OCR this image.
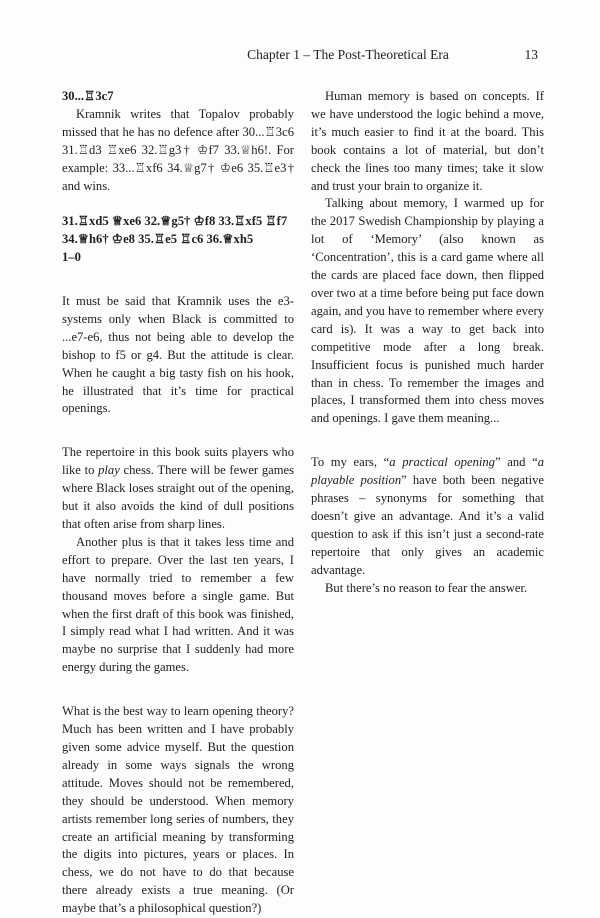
Chapter 1 – The Post-Theoretical Era	13

30...♖3c7

Kramnik writes that Topalov probably missed that he has no defence after 30...♖3c6 31.♖d3 ♖xe6 32.♖g3† ♔f7 33.♕h6!. For example: 33...♖xf6 34.♕g7† ♔e6 35.♖e3† and wins.

31.♖xd5 ♕xe6 32.♕g5† ♔f8 33.♖xf5 ♖f7 34.♕h6† ♔e8 35.♖e5 ♖c6 36.♕xh5

1–0

It must be said that Kramnik uses the e3-systems only when Black is committed to ...e7-e6, thus not being able to develop the bishop to f5 or g4. But the attitude is clear. When he caught a big tasty fish on his hook, he illustrated that it’s time for practical openings.

The repertoire in this book suits players who like to play chess. There will be fewer games where Black loses straight out of the opening, but it also avoids the kind of dull positions that often arise from sharp lines.

Another plus is that it takes less time and effort to prepare. Over the last ten years, I have normally tried to remember a few thousand moves before a single game. But when the first draft of this book was finished, I simply read what I had written. And it was maybe no surprise that I suddenly had more energy during the games.

What is the best way to learn opening theory? Much has been written and I have probably given some advice myself. But the question already in some ways signals the wrong attitude. Moves should not be remembered, they should be understood. When memory artists remember long series of numbers, they create an artificial meaning by transforming the digits into pictures, years or places. In chess, we do not have to do that because there already exists a true meaning. (Or maybe that’s a philosophical question?)

Human memory is based on concepts. If we have understood the logic behind a move, it’s much easier to find it at the board. This book contains a lot of material, but don’t check the lines too many times; take it slow and trust your brain to organize it.

Talking about memory, I warmed up for the 2017 Swedish Championship by playing a lot of ‘Memory’ (also known as ‘Concentration’, this is a card game where all the cards are placed face down, then flipped over two at a time before being put face down again, and you have to remember where every card is). It was a way to get back into competitive mode after a long break. Insufficient focus is punished much harder than in chess. To remember the images and places, I transformed them into chess moves and openings. I gave them meaning...

To my ears, “a practical opening” and “a playable position” have both been negative phrases – synonyms for something that doesn’t give an advantage. And it’s a valid question to ask if this isn’t just a second-rate repertoire that only gives an academic advantage.

But there’s no reason to fear the answer.
